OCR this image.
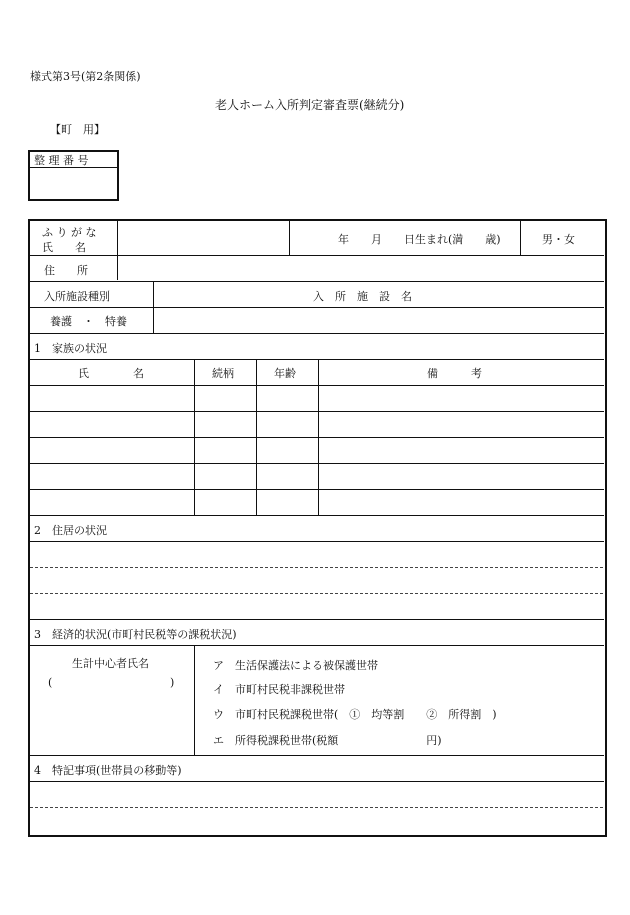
様式第3号(第2条関係)
老人ホーム入所判定審査票(継続分)
【町　用】
整 理 番 号
ふ り が な
氏　　名
年　　月　　日生まれ(満　　歳)	男・女
住　　所
入所施設種別	入　所　施　設　名
養護　・　特養
1　家族の状況
氏　　　　名	続柄	年齢	備　　　考
2　住居の状況
3　経済的状況(市町村民税等の課税状況)
生計中心者氏名
(	)
ア　生活保護法による被保護世帯
イ　市町村民税非課税世帯
ウ　市町村民税課税世帯(　①　均等割　　②　所得割　)
エ　所得税課税世帯(税額　　　　　　　　円)
4　特記事項(世帯員の移動等)
